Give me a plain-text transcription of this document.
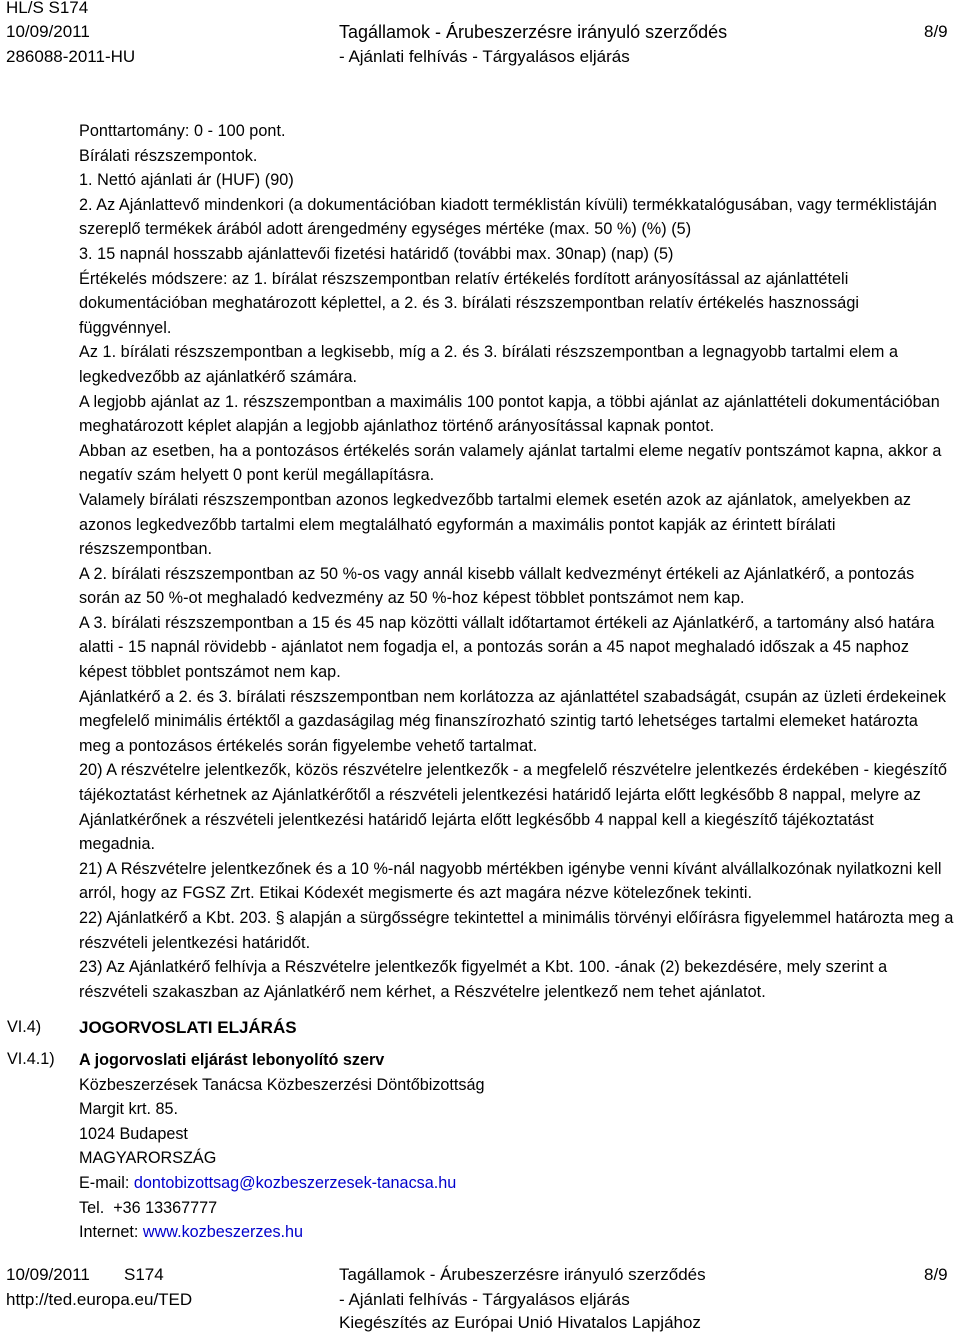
HL/S S174
10/09/2011
286088-2011-HU
Tagállamok - Árubeszerzésre irányuló szerződés
- Ajánlati felhívás - Tárgyalásos eljárás
8/9

Ponttartomány: 0 - 100 pont.

Bírálati részszempontok.

1. Nettó ajánlati ár (HUF) (90)

2. Az Ajánlattevő mindenkori (a dokumentációban kiadott terméklistán kívüli) termékkatalógusában, vagy terméklistáján szereplő termékek árából adott árengedmény egységes mértéke (max. 50 %) (%) (5)

3. 15 napnál hosszabb ajánlattevői fizetési határidő (további max. 30nap) (nap) (5)

Értékelés módszere: az 1. bírálat részszempontban relatív értékelés fordított arányosítással az ajánlattételi dokumentációban meghatározott képlettel, a 2. és 3. bírálati részszempontban relatív értékelés hasznossági függvénnyel.

Az 1. bírálati részszempontban a legkisebb, míg a 2. és 3. bírálati részszempontban a legnagyobb tartalmi elem a legkedvezőbb az ajánlatkérő számára.

A legjobb ajánlat az 1. részszempontban a maximális 100 pontot kapja, a többi ajánlat az ajánlattételi dokumentációban meghatározott képlet alapján a legjobb ajánlathoz történő arányosítással kapnak pontot.

Abban az esetben, ha a pontozásos értékelés során valamely ajánlat tartalmi eleme negatív pontszámot kapna, akkor a negatív szám helyett 0 pont kerül megállapításra.

Valamely bírálati részszempontban azonos legkedvezőbb tartalmi elemek esetén azok az ajánlatok, amelyekben az azonos legkedvezőbb tartalmi elem megtalálható egyformán a maximális pontot kapják az érintett bírálati részszempontban.

A 2. bírálati részszempontban az 50 %-os vagy annál kisebb vállalt kedvezményt értékeli az Ajánlatkérő, a pontozás során az 50 %-ot meghaladó kedvezmény az 50 %-hoz képest többlet pontszámot nem kap.

A 3. bírálati részszempontban a 15 és 45 nap közötti vállalt időtartamot értékeli az Ajánlatkérő, a tartomány alsó határa alatti - 15 napnál rövidebb - ajánlatot nem fogadja el, a pontozás során a 45 napot meghaladó időszak a 45 naphoz képest többlet pontszámot nem kap.

Ajánlatkérő a 2. és 3. bírálati részszempontban nem korlátozza az ajánlattétel szabadságát, csupán az üzleti érdekeinek megfelelő minimális értéktől a gazdaságilag még finanszírozható szintig tartó lehetséges tartalmi elemeket határozta meg a pontozásos értékelés során figyelembe vehető tartalmat.

20) A részvételre jelentkezők, közös részvételre jelentkezők - a megfelelő részvételre jelentkezés érdekében - kiegészítő tájékoztatást kérhetnek az Ajánlatkérőtől a részvételi jelentkezési határidő lejárta előtt legkésőbb 8 nappal, melyre az Ajánlatkérőnek a részvételi jelentkezési határidő lejárta előtt legkésőbb 4 nappal kell a kiegészítő tájékoztatást megadnia.

21) A Részvételre jelentkezőnek és a 10 %-nál nagyobb mértékben igénybe venni kívánt alvállalkozónak nyilatkozni kell arról, hogy az FGSZ Zrt. Etikai Kódexét megismerte és azt magára nézve kötelezőnek tekinti.

22) Ajánlatkérő a Kbt. 203. § alapján a sürgősségre tekintettel a minimális törvényi előírásra figyelemmel határozta meg a részvételi jelentkezési határidőt.

23) Az Ajánlatkérő felhívja a Részvételre jelentkezők figyelmét a Kbt. 100. -ának (2) bekezdésére, mely szerint a részvételi szakaszban az Ajánlatkérő nem kérhet, a Részvételre jelentkező nem tehet ajánlatot.

VI.4) JOGORVOSLATI ELJÁRÁS
VI.4.1) A jogorvoslati eljárást lebonyolító szerv

Közbeszerzések Tanácsa Közbeszerzési Döntőbizottság

Margit krt. 85.

1024 Budapest

MAGYARORSZÁG

E-mail: dontobizottsag@kozbeszerzesek-tanacsa.hu

Tel. +36 13367777

Internet: www.kozbeszerzes.hu

10/09/2011 S174
http://ted.europa.eu/TED
Tagállamok - Árubeszerzésre irányuló szerződés
- Ajánlati felhívás - Tárgyalásos eljárás
Kiegészítés az Európai Unió Hivatalos Lapjához
8/9
